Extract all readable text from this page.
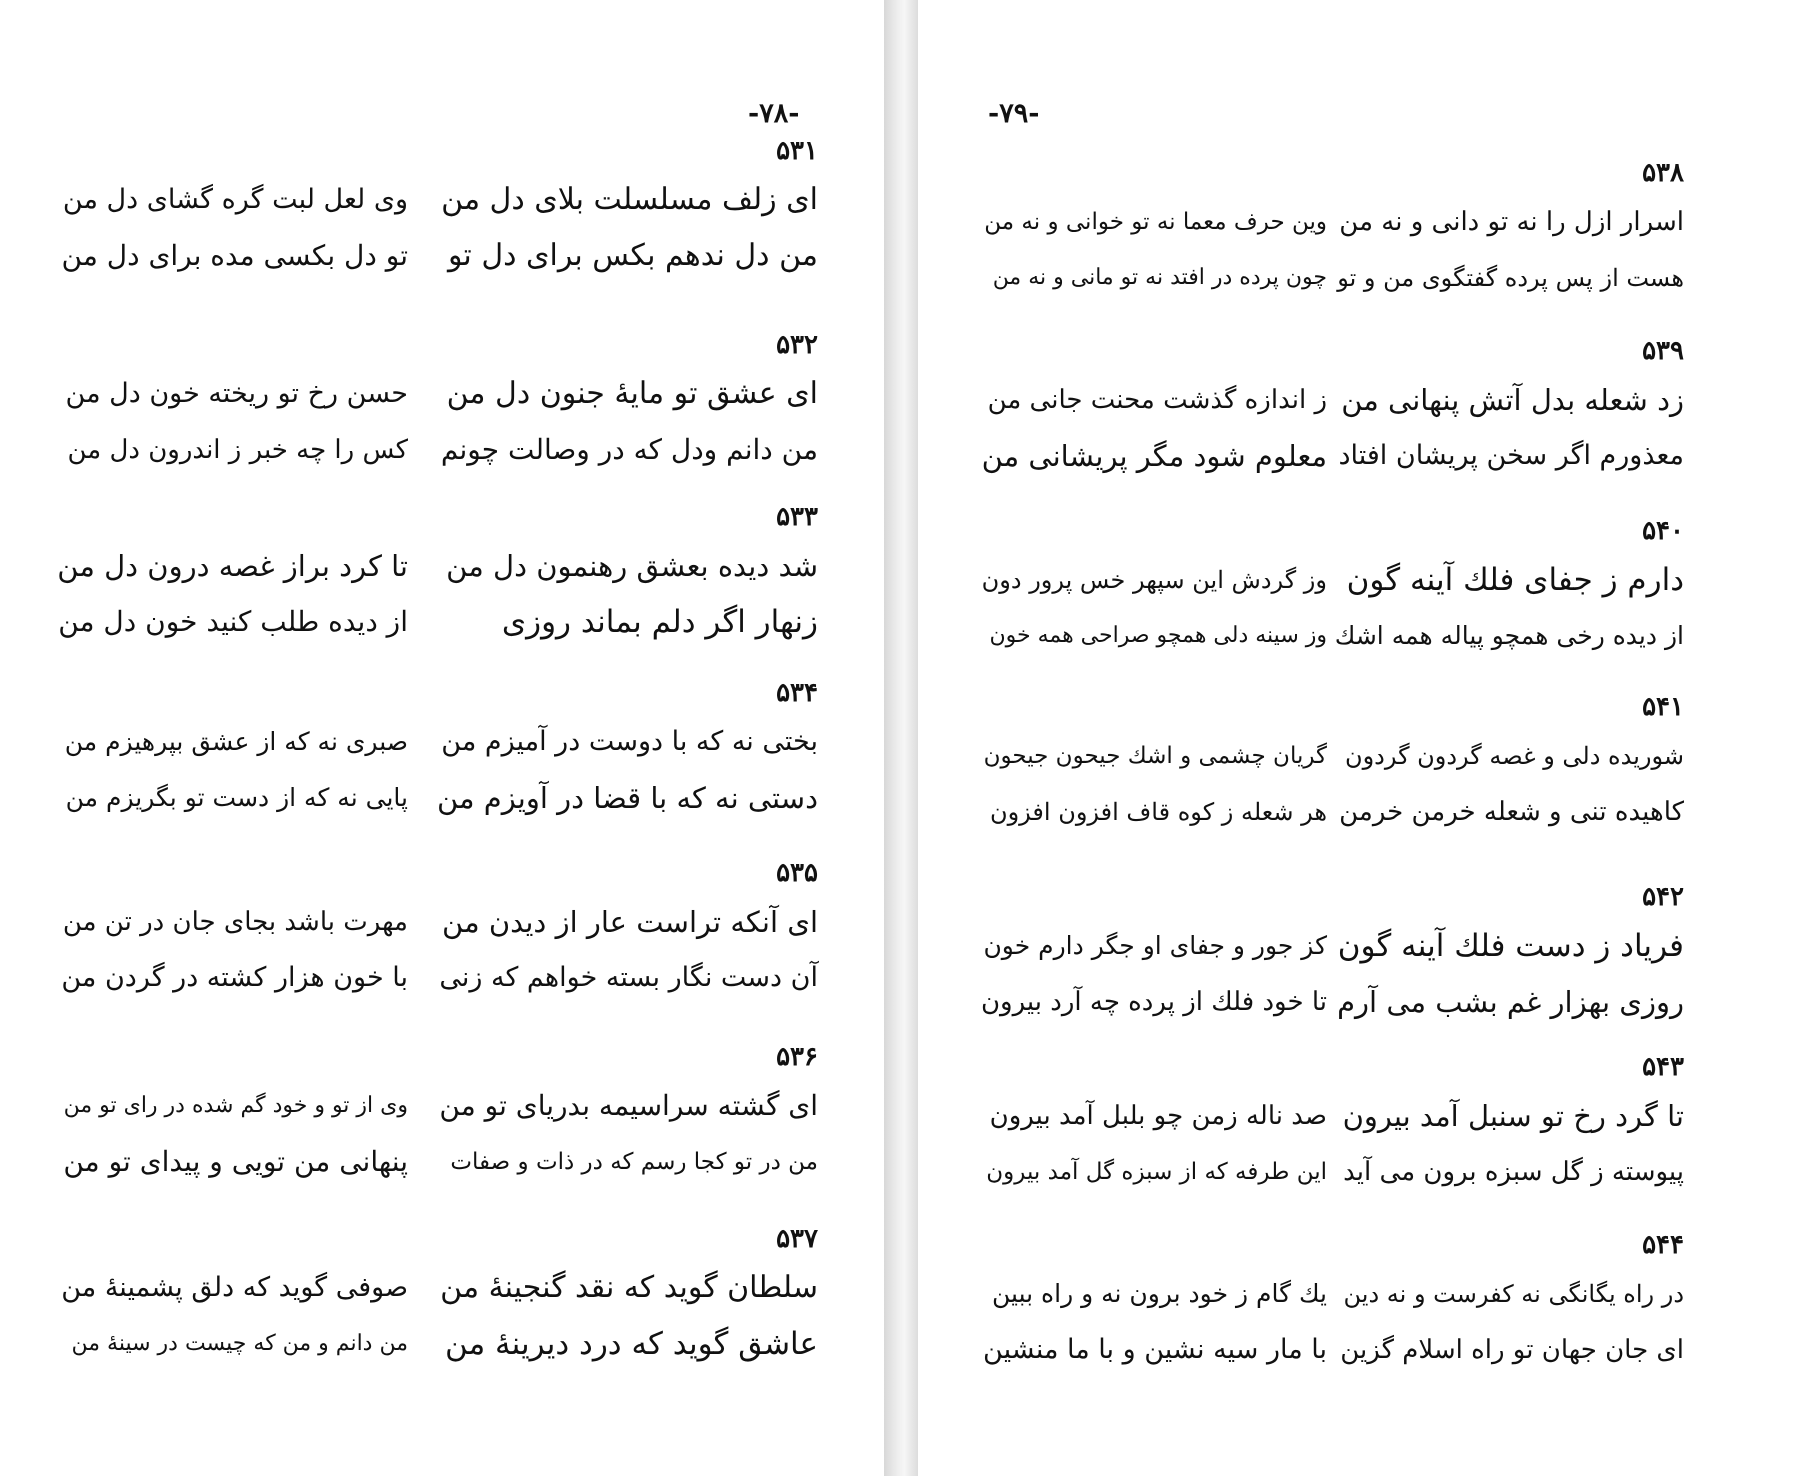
-۷۸-
۵۳۱
ای زلف مسلسلت بلای دل من
وی لعل لبت گره گشای دل من
من دل ندهم بکس برای دل تو
تو دل بکسی مده برای دل من
۵۳۲
ای عشق تو مایهٔ جنون دل من
حسن رخ تو ریخته خون دل من
من دانم ودل که در وصالت چونم
کس را چه خبر ز اندرون دل من
۵۳۳
شد دیده بعشق رهنمون دل من
تا کرد براز غصه درون دل من
زنهار اگر دلم بماند روزی
از دیده طلب کنید خون دل من
۵۳۴
بختی نه که با دوست در آمیزم من
صبری نه که از عشق بپرهیزم من
دستی نه که با قضا در آویزم من
پایی نه که از دست تو بگریزم من
۵۳۵
ای آنکه تراست عار از دیدن من
مهرت باشد بجای جان در تن من
آن دست نگار بسته خواهم که زنی
با خون هزار کشته در گردن من
۵۳۶
ای گشته سراسیمه بدریای تو من
وی از تو و خود گم شده در رای تو من
من در تو کجا رسم که در ذات و صفات
پنهانی من تویی و پیدای تو من
۵۳۷
سلطان گوید که نقد گنجینهٔ من
صوفی گوید که دلق پشمینهٔ من
عاشق گوید که درد دیرینهٔ من
من دانم و من که چیست در سینهٔ من
-۷۹-
۵۳۸
اسرار ازل را نه تو دانی و نه من
وین حرف معما نه تو خوانی و نه من
هست از پس پرده گفتگوی من و تو
چون پرده در افتد نه تو مانی و نه من
۵۳۹
زد شعله بدل آتش پنهانی من
ز اندازه گذشت محنت جانی من
معذورم اگر سخن پریشان افتاد
معلوم شود مگر پریشانی من
۵۴۰
دارم ز جفای فلك آینه گون
وز گردش این سپهر خس پرور دون
از دیده رخی همچو پیاله همه اشك
وز سینه دلی همچو صراحی همه خون
۵۴۱
شوریده دلی و غصه گردون گردون
گریان چشمی و اشك جیحون جیحون
کاهیده تنی و شعله خرمن خرمن
هر شعله ز کوه قاف افزون افزون
۵۴۲
فریاد ز دست فلك آینه گون
کز جور و جفای او جگر دارم خون
روزی بهزار غم بشب می آرم
تا خود فلك از پرده چه آرد بیرون
۵۴۳
تا گرد رخ تو سنبل آمد بیرون
صد ناله زمن چو بلبل آمد بیرون
پیوسته ز گل سبزه برون می آید
این طرفه که از سبزه گل آمد بیرون
۵۴۴
در راه یگانگی نه کفرست و نه دین
یك گام ز خود برون نه و راه ببین
ای جان جهان تو راه اسلام گزین
با مار سیه نشین و با ما منشین
